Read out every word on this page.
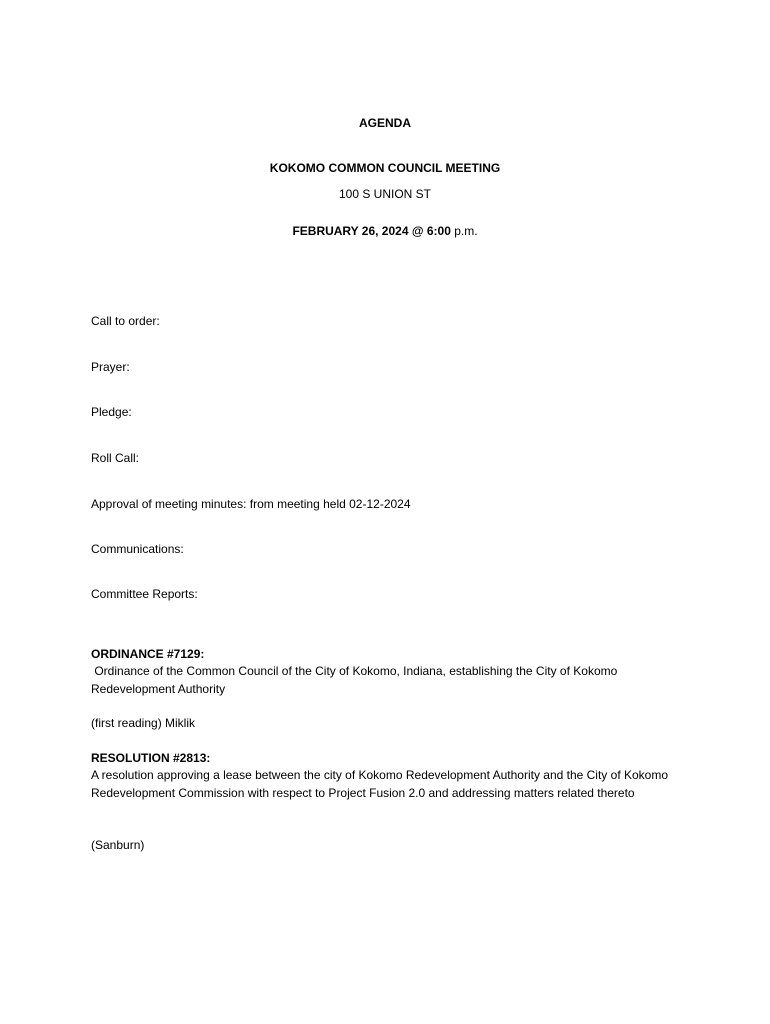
AGENDA
KOKOMO COMMON COUNCIL MEETING
100 S UNION ST
FEBRUARY 26, 2024 @ 6:00 p.m.
Call to order:
Prayer:
Pledge:
Roll Call:
Approval of meeting minutes: from meeting held 02-12-2024
Communications:
Committee Reports:
ORDINANCE #7129:
Ordinance of the Common Council of the City of Kokomo, Indiana, establishing the City of Kokomo Redevelopment Authority
(first reading) Miklik
RESOLUTION #2813:
A resolution approving a lease between the city of Kokomo Redevelopment Authority and the City of Kokomo Redevelopment Commission with respect to Project Fusion 2.0 and addressing matters related thereto
(Sanburn)
